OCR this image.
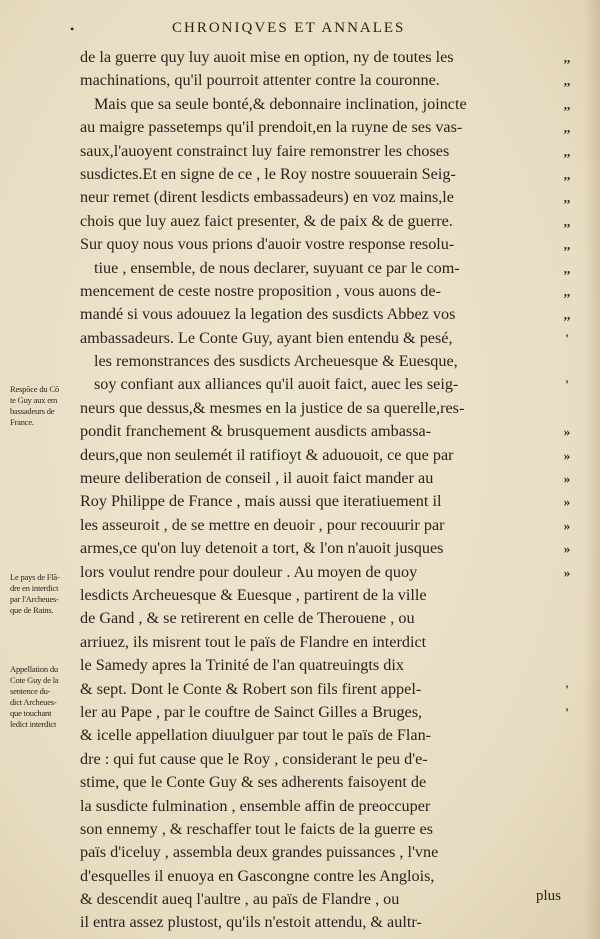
•	CHRONIQVES ET ANNALES
de la guerre quy luy auoit mise en option, ny de toutes les
machinations, qu'il pourroit attenter contre la couronne.
Mais que sa seule bonté,& debonnaire inclination, joincte
au maigre passetemps qu'il prendoit,en la ruyne de ses vas-
saux,l'auoyent constrainct luy faire remonstrer les choses
susdictes.Et en signe de ce , le Roy nostre souuerain Seig-
neur remet (dirent lesdicts embassadeurs) en voz mains,le
chois que luy auez faict presenter, & de paix & de guerre.
Sur quoy nous vous prions d'auoir vostre response resolu-
tiue , ensemble, de nous declarer, suyuant ce par le com-
mencement de ceste nostre proposition , vous auons de-
mandé si vous adouuez la legation des susdicts Abbez vos
ambassadeurs. Le Conte Guy, ayant bien entendu & pesé,
les remonstrances des susdicts Archeuesque & Euesque,
soy confiant aux alliances qu'il auoit faict, auec les seig-
neurs que dessus,& mesmes en la justice de sa querelle,res-
pondit franchement & brusquement ausdicts ambassa-
deurs,que non seulemét il ratifioyt & aduouoit, ce que par
meure deliberation de conseil , il auoit faict mander au
Roy Philippe de France , mais aussi que iteratiuement il
les asseuroit , de se mettre en deuoir , pour recouurir par
armes,ce qu'on luy detenoit a tort, & l'on n'auoit jusques
lors voulut rendre pour douleur . Au moyen de quoy
lesdicts Archeuesque & Euesque , partirent de la ville
de Gand , & se retirerent en celle de Therouene , ou
arriuez, ils misrent tout le païs de Flandre en interdict
le Samedy apres la Trinité de l'an quatreuingts dix
& sept. Dont le Conte & Robert son fils firent appel-
ler au Pape , par le couftre de Sainct Gilles a Bruges,
& icelle appellation diuulguer par tout le païs de Flan-
dre : qui fut cause que le Roy , considerant le peu d'e-
stime, que le Conte Guy & ses adherents faisoyent de
la susdicte fulmination , ensemble affin de preoccuper
son ennemy , & reschaffer tout le faicts de la guerre es
païs d'iceluy , assembla deux grandes puissances , l'vne
d'esquelles il enuoya en Gascongne contre les Anglois,
& descendit aueq l'aultre , au païs de Flandre , ou
il entra assez plustost, qu'ils n'estoit attendu, & aultr-
,,
,,
,,
,,
,,
,,
,,
,,
,,
,,
,,
,,
'
'
»
»
»
»
»
»
»
'
'
Respõce du Cõ
te Guy aux em
bassadeurs de
France.
Le pays de Flã-
dre en interdict
par l'Archeues-
que de Rains.
Appellation du
Cote Guy de la
sentence du-
dict Archeues-
que touchant
ledict interdict
plus
